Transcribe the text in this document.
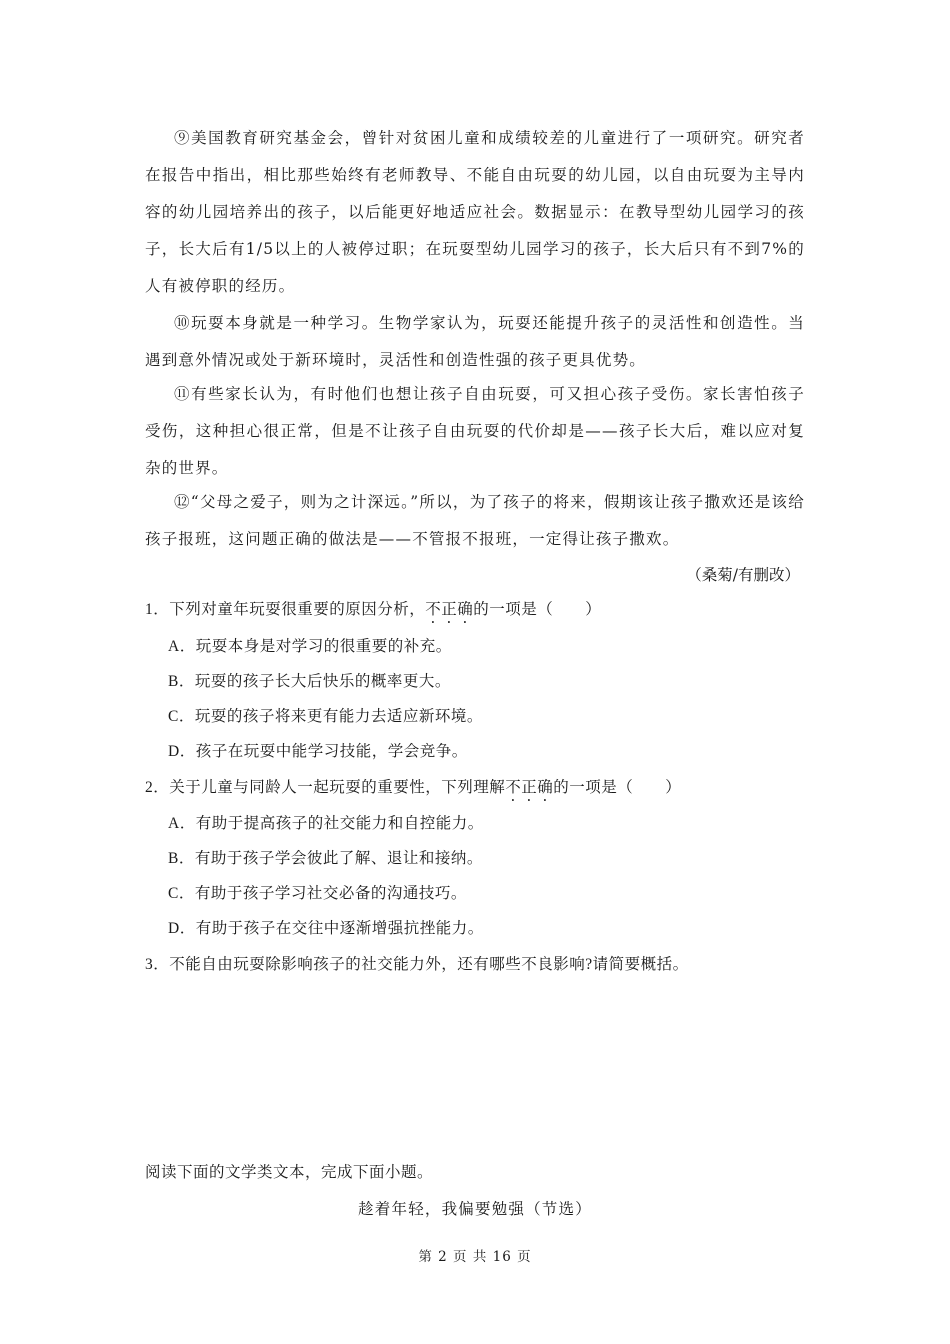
⑨美国教育研究基金会，曾针对贫困儿童和成绩较差的儿童进行了一项研究。研究者在报告中指出，相比那些始终有老师教导、不能自由玩耍的幼儿园，以自由玩耍为主导内容的幼儿园培养出的孩子，以后能更好地适应社会。数据显示：在教导型幼儿园学习的孩子，长大后有1/5以上的人被停过职；在玩耍型幼儿园学习的孩子，长大后只有不到7%的人有被停职的经历。

⑩玩耍本身就是一种学习。生物学家认为，玩耍还能提升孩子的灵活性和创造性。当遇到意外情况或处于新环境时，灵活性和创造性强的孩子更具优势。

⑪有些家长认为，有时他们也想让孩子自由玩耍，可又担心孩子受伤。家长害怕孩子受伤，这种担心很正常，但是不让孩子自由玩耍的代价却是——孩子长大后，难以应对复杂的世界。

⑫“父母之爱子，则为之计深远。”所以，为了孩子的将来，假期该让孩子撒欢还是该给孩子报班，这问题正确的做法是——不管报不报班，一定得让孩子撒欢。

（桑菊/有删改）

1．下列对童年玩耍很重要的原因分析，不正确的一项是（　　）

A．玩耍本身是对学习的很重要的补充。

B．玩耍的孩子长大后快乐的概率更大。

C．玩耍的孩子将来更有能力去适应新环境。

D．孩子在玩耍中能学习技能，学会竞争。

2．关于儿童与同龄人一起玩耍的重要性，下列理解不正确的一项是（　　）

A．有助于提高孩子的社交能力和自控能力。

B．有助于孩子学会彼此了解、退让和接纳。

C．有助于孩子学习社交必备的沟通技巧。

D．有助于孩子在交往中逐渐增强抗挫能力。

3．不能自由玩耍除影响孩子的社交能力外，还有哪些不良影响?请简要概括。

阅读下面的文学类文本，完成下面小题。
趁着年轻，我偏要勉强（节选）
第 2 页 共 16 页
